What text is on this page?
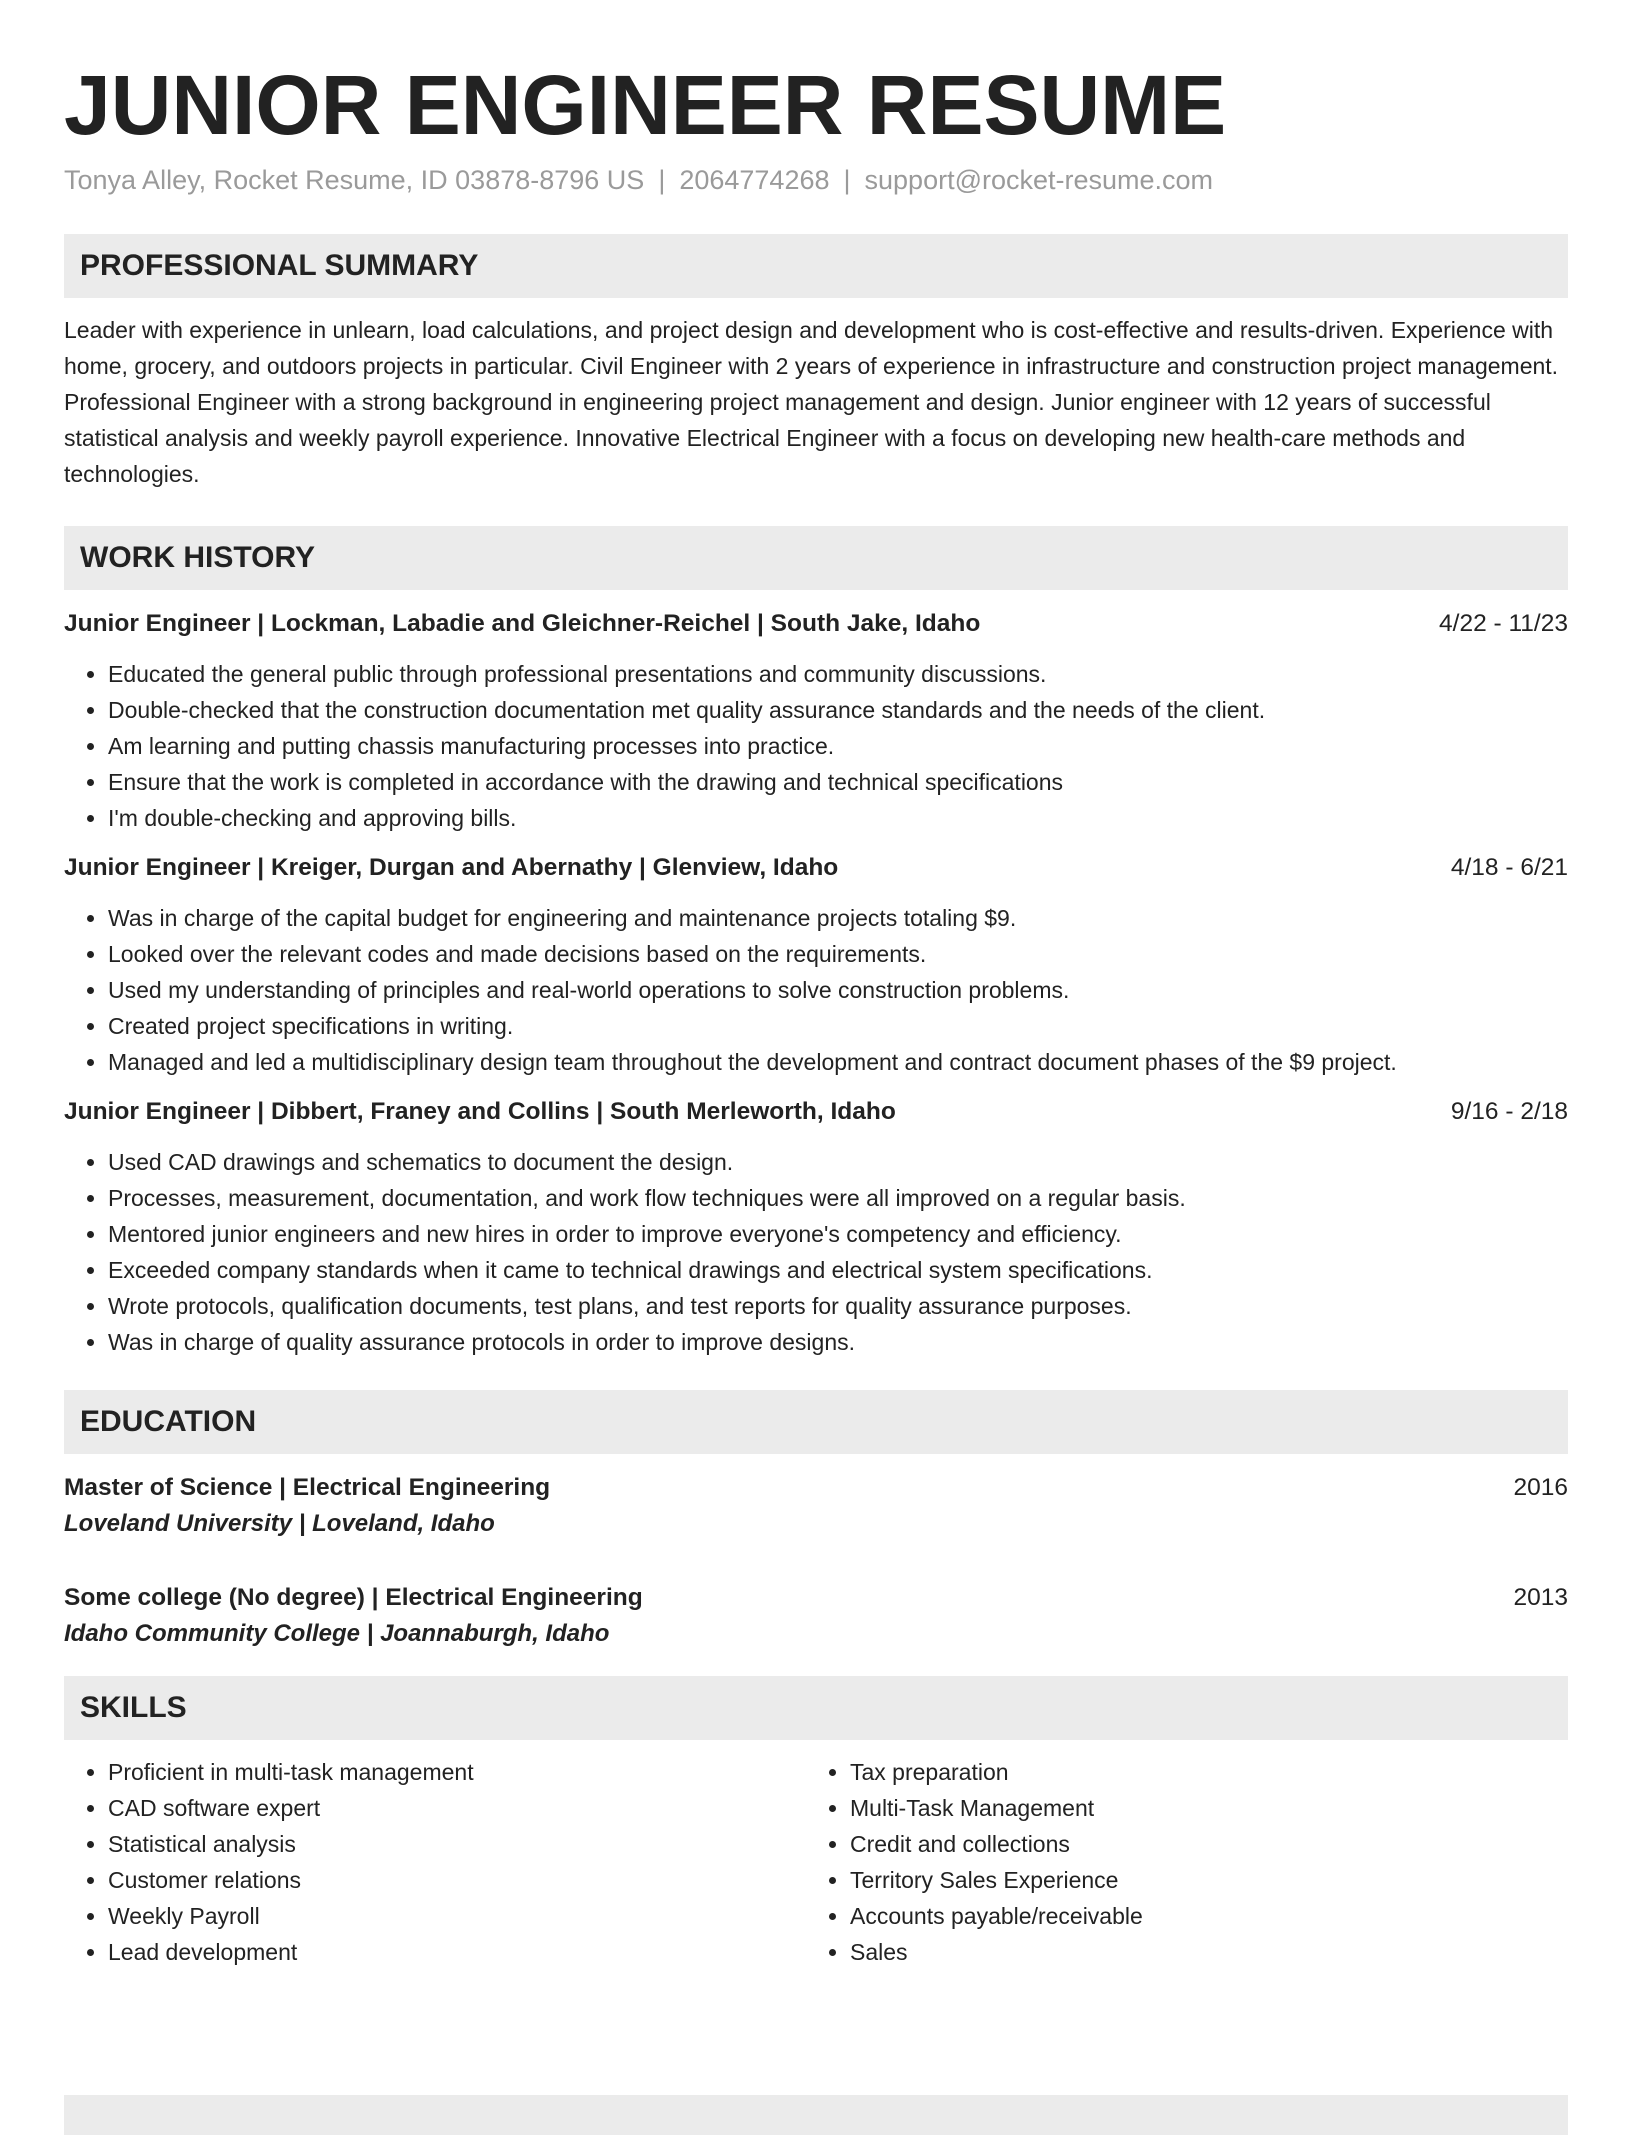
JUNIOR ENGINEER RESUME
Tonya Alley, Rocket Resume, ID 03878-8796 US | 2064774268 | support@rocket-resume.com
PROFESSIONAL SUMMARY
Leader with experience in unlearn, load calculations, and project design and development who is cost-effective and results-driven. Experience with home, grocery, and outdoors projects in particular. Civil Engineer with 2 years of experience in infrastructure and construction project management. Professional Engineer with a strong background in engineering project management and design. Junior engineer with 12 years of successful statistical analysis and weekly payroll experience. Innovative Electrical Engineer with a focus on developing new health-care methods and technologies.
WORK HISTORY
Junior Engineer | Lockman, Labadie and Gleichner-Reichel | South Jake, Idaho	4/22 - 11/23
• Educated the general public through professional presentations and community discussions.
• Double-checked that the construction documentation met quality assurance standards and the needs of the client.
• Am learning and putting chassis manufacturing processes into practice.
• Ensure that the work is completed in accordance with the drawing and technical specifications
• I'm double-checking and approving bills.
Junior Engineer | Kreiger, Durgan and Abernathy | Glenview, Idaho	4/18 - 6/21
• Was in charge of the capital budget for engineering and maintenance projects totaling $9.
• Looked over the relevant codes and made decisions based on the requirements.
• Used my understanding of principles and real-world operations to solve construction problems.
• Created project specifications in writing.
• Managed and led a multidisciplinary design team throughout the development and contract document phases of the $9 project.
Junior Engineer | Dibbert, Franey and Collins | South Merleworth, Idaho	9/16 - 2/18
• Used CAD drawings and schematics to document the design.
• Processes, measurement, documentation, and work flow techniques were all improved on a regular basis.
• Mentored junior engineers and new hires in order to improve everyone's competency and efficiency.
• Exceeded company standards when it came to technical drawings and electrical system specifications.
• Wrote protocols, qualification documents, test plans, and test reports for quality assurance purposes.
• Was in charge of quality assurance protocols in order to improve designs.
EDUCATION
Master of Science | Electrical Engineering	2016
Loveland University | Loveland, Idaho
Some college (No degree) | Electrical Engineering	2013
Idaho Community College | Joannaburgh, Idaho
SKILLS
• Proficient in multi-task management
• CAD software expert
• Statistical analysis
• Customer relations
• Weekly Payroll
• Lead development
• Tax preparation
• Multi-Task Management
• Credit and collections
• Territory Sales Experience
• Accounts payable/receivable
• Sales
